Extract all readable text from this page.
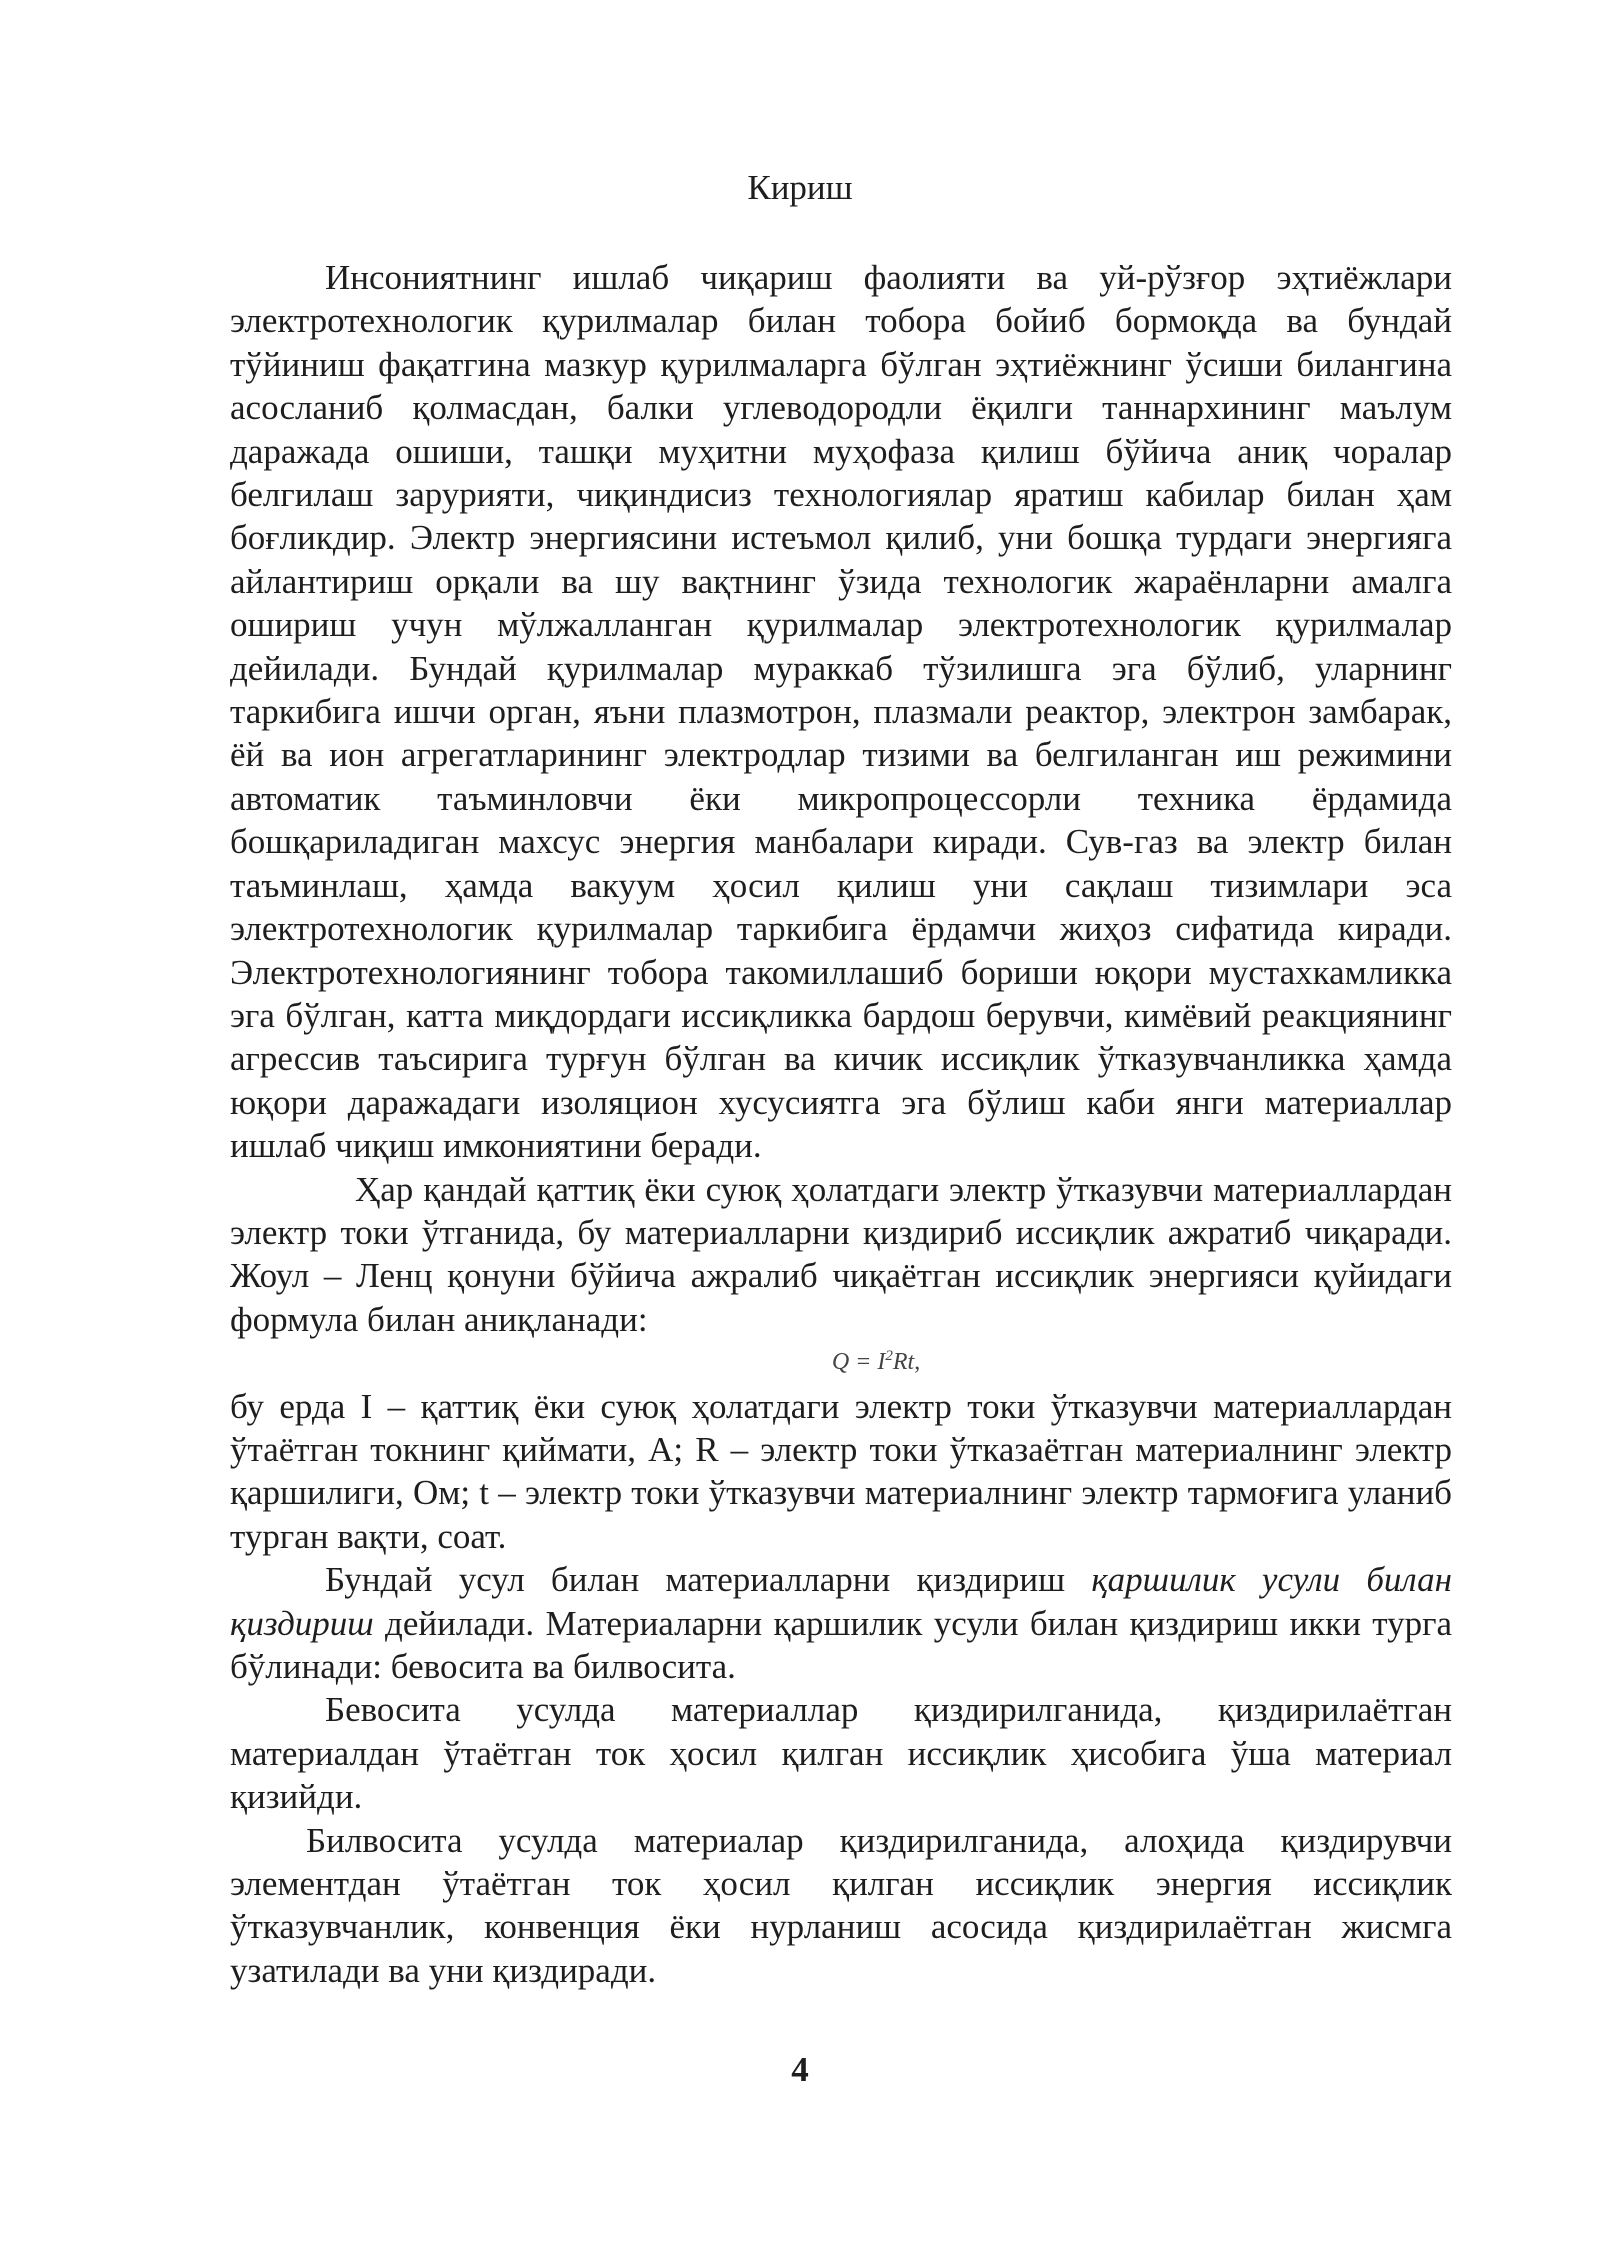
Кириш

Инсониятнинг ишлаб чиқариш фаолияти ва уй-рўзғор эҳтиёжлари электротехнологик қурилмалар билан тобора бойиб бормоқда ва бундай тўйиниш фақатгина мазкур қурилмаларга бўлган эҳтиёжнинг ўсиши билангина асосланиб қолмасдан, балки углеводородли ёқилги таннархининг маълум даражада ошиши, ташқи муҳитни муҳофаза қилиш бўйича аниқ чоралар белгилаш зарурияти, чиқиндисиз технологиялар яратиш кабилар билан ҳам боғликдир. Электр энергиясини истеъмол қилиб, уни бошқа турдаги энергияга айлантириш орқали ва шу вақтнинг ўзида технологик жараёнларни амалга ошириш учун мўлжалланган қурилмалар электротехнологик қурилмалар дейилади. Бундай қурилмалар мураккаб тўзилишга эга бўлиб, уларнинг таркибига ишчи орган, яъни плазмотрон, плазмали реактор, электрон замбарак, ёй ва ион агрегатларининг электродлар тизими ва белгиланган иш режимини автоматик таъминловчи ёки микропроцессорли техника ёрдамида бошқариладиган махсус энергия манбалари киради. Сув-газ ва электр билан таъминлаш, ҳамда вакуум ҳосил қилиш уни сақлаш тизимлари эса электротехнологик қурилмалар таркибига ёрдамчи жиҳоз сифатида киради. Электротехнологиянинг тобора такомиллашиб бориши юқори мустахкамликка эга бўлган, катта миқдордаги иссиқликка бардош берувчи, кимёвий реакциянинг агрессив таъсирига турғун бўлган ва кичик иссиқлик ўтказувчанликка ҳамда юқори даражадаги изоляцион хусусиятга эга бўлиш каби янги материаллар ишлаб чиқиш имкониятини беради.

Ҳар қандай қаттиқ ёки суюқ ҳолатдаги электр ўтказувчи материаллардан электр токи ўтганида, бу материалларни қиздириб иссиқлик ажратиб чиқаради. Жоул – Ленц қонуни бўйича ажралиб чиқаётган иссиқлик энергияси қуйидаги формула билан аниқланади:

$Q = I^2Rt$,

бу ерда I – қаттиқ ёки суюқ ҳолатдаги электр токи ўтказувчи материаллардан ўтаётган токнинг қиймати, А; R – электр токи ўтказаётган материалнинг электр қаршилиги, Ом; t – электр токи ўтказувчи материалнинг электр тармоғига уланиб турган вақти, соат.

Бундай усул билан материалларни қиздириш қаршилик усули билан қиздириш дейилади. Материаларни қаршилик усули билан қиздириш икки турга бўлинади: бевосита ва билвосита.

Бевосита усулда материаллар қиздирилганида, қиздирилаётган материалдан ўтаётган ток ҳосил қилган иссиқлик ҳисобига ўша материал қизийди.

Билвосита усулда материалар қиздирилганида, алоҳида қиздирувчи элементдан ўтаётган ток ҳосил қилган иссиқлик энергия иссиқлик ўтказувчанлик, конвенция ёки нурланиш асосида қиздирилаётган жисмга узатилади ва уни қиздиради.

4
